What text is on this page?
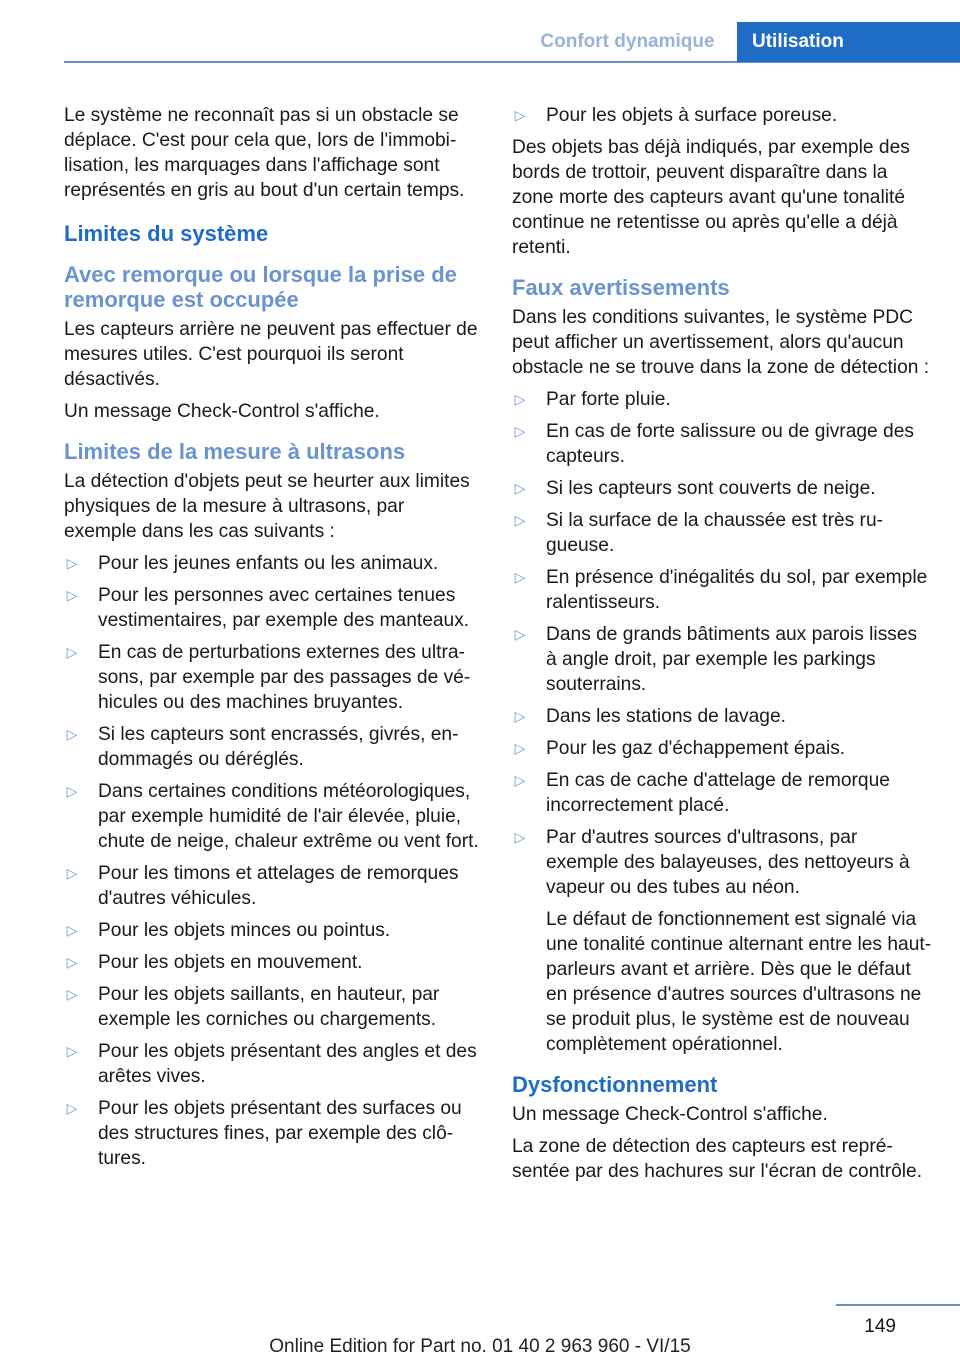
Confort dynamique	Utilisation

Le système ne reconnaît pas si un obstacle se déplace. C'est pour cela que, lors de l'immobilisation, les marquages dans l'affichage sont représentés en gris au bout d'un certain temps.

Limites du système
Avec remorque ou lorsque la prise de remorque est occupée

Les capteurs arrière ne peuvent pas effectuer de mesures utiles. C'est pourquoi ils seront désactivés.

Un message Check-Control s'affiche.

Limites de la mesure à ultrasons

La détection d'objets peut se heurter aux limites physiques de la mesure à ultrasons, par exemple dans les cas suivants :

▷ Pour les jeunes enfants ou les animaux.
▷ Pour les personnes avec certaines tenues vestimentaires, par exemple des manteaux.
▷ En cas de perturbations externes des ultrasons, par exemple par des passages de véhicules ou des machines bruyantes.
▷ Si les capteurs sont encrassés, givrés, endommagés ou déréglés.
▷ Dans certaines conditions météorologiques, par exemple humidité de l'air élevée, pluie, chute de neige, chaleur extrême ou vent fort.
▷ Pour les timons et attelages de remorques d'autres véhicules.
▷ Pour les objets minces ou pointus.
▷ Pour les objets en mouvement.
▷ Pour les objets saillants, en hauteur, par exemple les corniches ou chargements.
▷ Pour les objets présentant des angles et des arêtes vives.
▷ Pour les objets présentant des surfaces ou des structures fines, par exemple des clôtures.
▷ Pour les objets à surface poreuse.

Des objets bas déjà indiqués, par exemple des bords de trottoir, peuvent disparaître dans la zone morte des capteurs avant qu'une tonalité continue ne retentisse ou après qu'elle a déjà retenti.

Faux avertissements

Dans les conditions suivantes, le système PDC peut afficher un avertissement, alors qu'aucun obstacle ne se trouve dans la zone de détection :

▷ Par forte pluie.
▷ En cas de forte salissure ou de givrage des capteurs.
▷ Si les capteurs sont couverts de neige.
▷ Si la surface de la chaussée est très rugueuse.
▷ En présence d'inégalités du sol, par exemple ralentisseurs.
▷ Dans de grands bâtiments aux parois lisses à angle droit, par exemple les parkings souterrains.
▷ Dans les stations de lavage.
▷ Pour les gaz d'échappement épais.
▷ En cas de cache d'attelage de remorque incorrectement placé.
▷ Par d'autres sources d'ultrasons, par exemple des balayeuses, des nettoyeurs à vapeur ou des tubes au néon.
Le défaut de fonctionnement est signalé via une tonalité continue alternant entre les haut-parleurs avant et arrière. Dès que le défaut en présence d'autres sources d'ultrasons ne se produit plus, le système est de nouveau complètement opérationnel.
Dysfonctionnement

Un message Check-Control s'affiche.

La zone de détection des capteurs est représentée par des hachures sur l'écran de contrôle.

149
Online Edition for Part no. 01 40 2 963 960 - VI/15
